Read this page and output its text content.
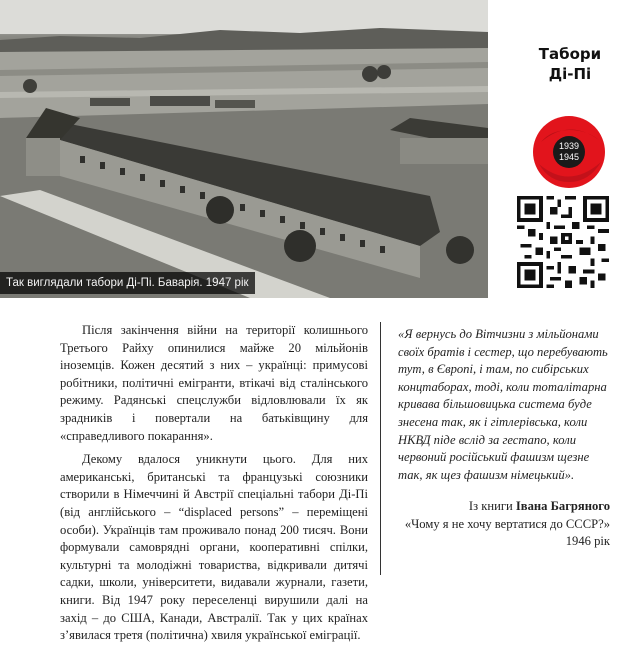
Так виглядали табори Ді-Пі. Баварія. 1947 рік
Табори
Ді-Пі
1939
1945

Після закінчення війни на території колишнього Третього Райху опинилися майже 20 мільйонів іноземців. Кожен десятий з них – українці: примусові робітники, політичні емігранти, втікачі від сталінського режиму. Радянські спецслужби відловлювали їх як зрадників і повертали на батьківщину для «справедливого покарання».

Декому вдалося уникнути цього. Для них американські, британські та французькі союзники створили в Німеччині й Австрії спеціальні табори Ді-Пі (від англійського – “displaced persons” – переміщені особи). Українців там проживало понад 200 тисяч. Вони формували самоврядні органи, кооперативні спілки, культурні та молодіжні товариства, відкривали дитячі садки, школи, університети, видавали журнали, газети, книги. Від 1947 року переселенці вирушили далі на захід – до США, Канади, Австралії. Так у цих країнах з’явилася третя (політична) хвиля української еміграції.

«Я вернусь до Вітчизни з мільйонами своїх братів і сестер, що перебувають тут, в Європі, і там, по сибірських концтаборах, тоді, коли тоталітарна кривава більшовицька система буде знесена так, як і гітлерівська, коли НКВД піде вслід за гестапо, коли червоний російський фашизм щезне так, як щез фашизм німецький».
Із книги Івана Багряного
«Чому я не хочу вертатися до СССР?»
1946 рік
